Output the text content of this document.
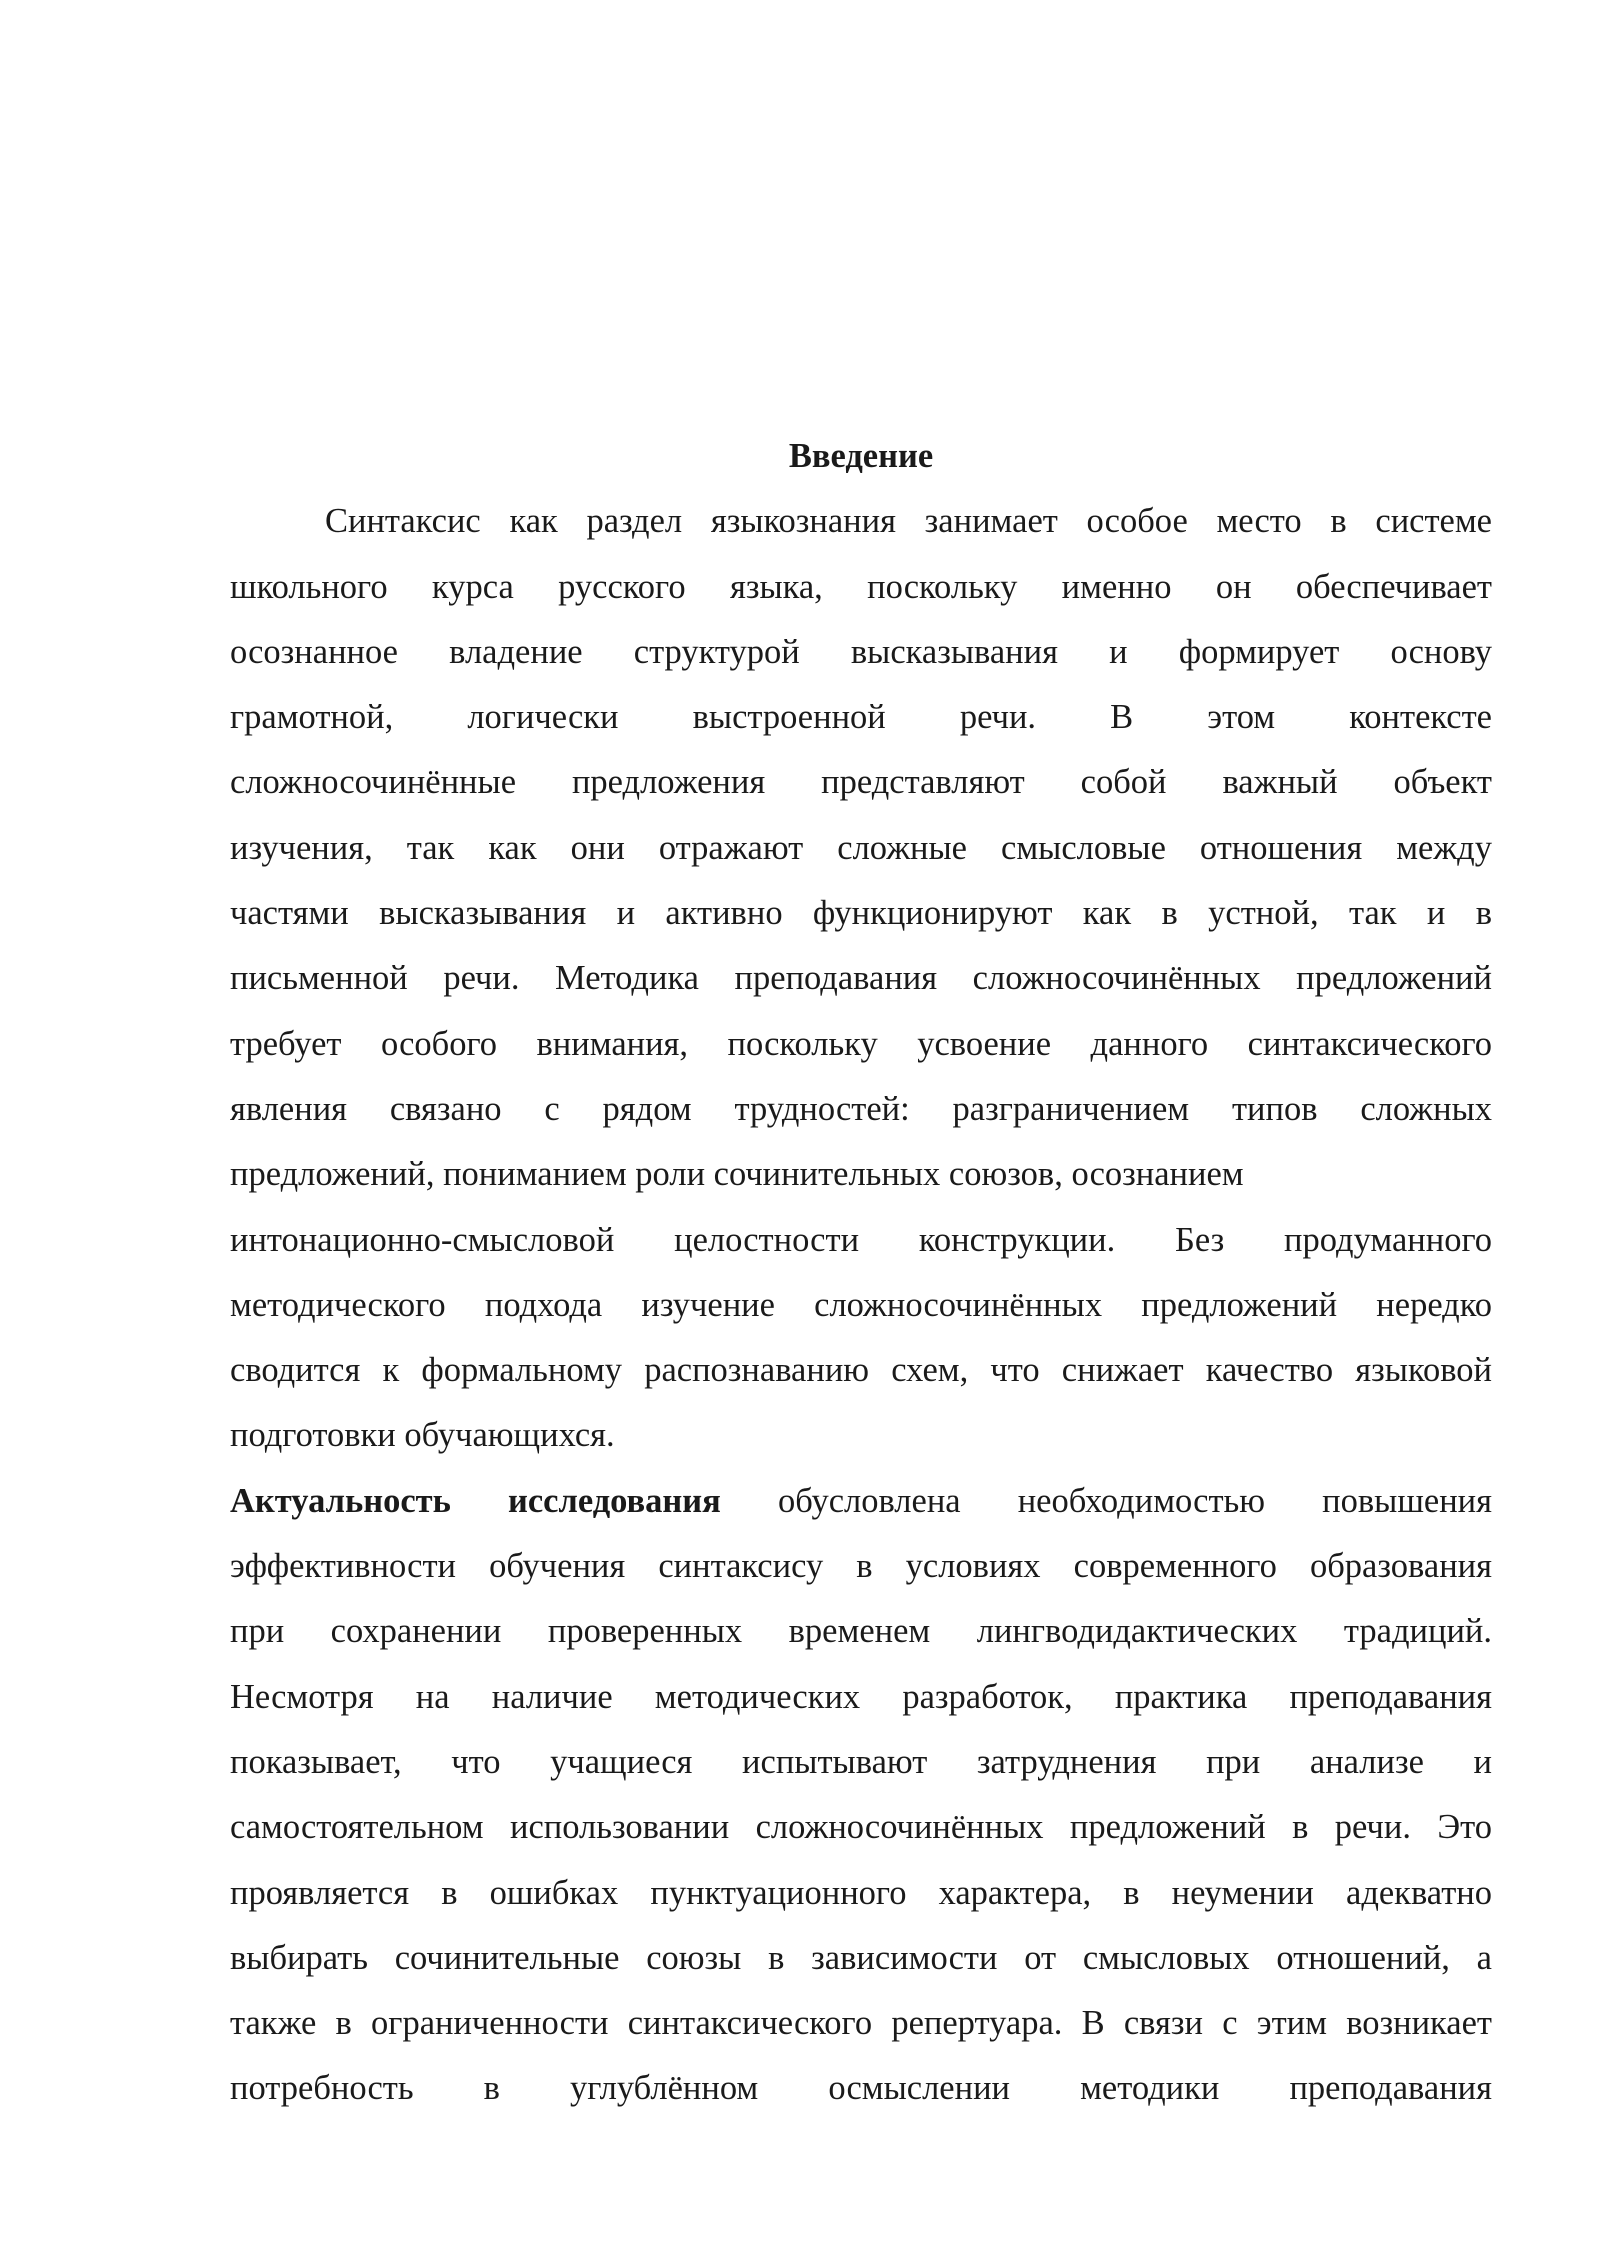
Введение
Синтаксис как раздел языкознания занимает особое место в системе
школьного курса русского языка, поскольку именно он обеспечивает
осознанное владение структурой высказывания и формирует основу
грамотной, логически выстроенной речи. В этом контексте
сложносочинённые предложения представляют собой важный объект
изучения, так как они отражают сложные смысловые отношения между
частями высказывания и активно функционируют как в устной, так и в
письменной речи. Методика преподавания сложносочинённых предложений
требует особого внимания, поскольку усвоение данного синтаксического
явления связано с рядом трудностей: разграничением типов сложных
предложений, пониманием роли сочинительных союзов, осознанием
интонационно-смысловой целостности конструкции. Без продуманного
методического подхода изучение сложносочинённых предложений нередко
сводится к формальному распознаванию схем, что снижает качество языковой
подготовки обучающихся.
Актуальность исследования обусловлена необходимостью повышения
эффективности обучения синтаксису в условиях современного образования
при сохранении проверенных временем лингводидактических традиций.
Несмотря на наличие методических разработок, практика преподавания
показывает, что учащиеся испытывают затруднения при анализе и
самостоятельном использовании сложносочинённых предложений в речи. Это
проявляется в ошибках пунктуационного характера, в неумении адекватно
выбирать сочинительные союзы в зависимости от смысловых отношений, а
также в ограниченности синтаксического репертуара. В связи с этим возникает
потребность в углублённом осмыслении методики преподавания
